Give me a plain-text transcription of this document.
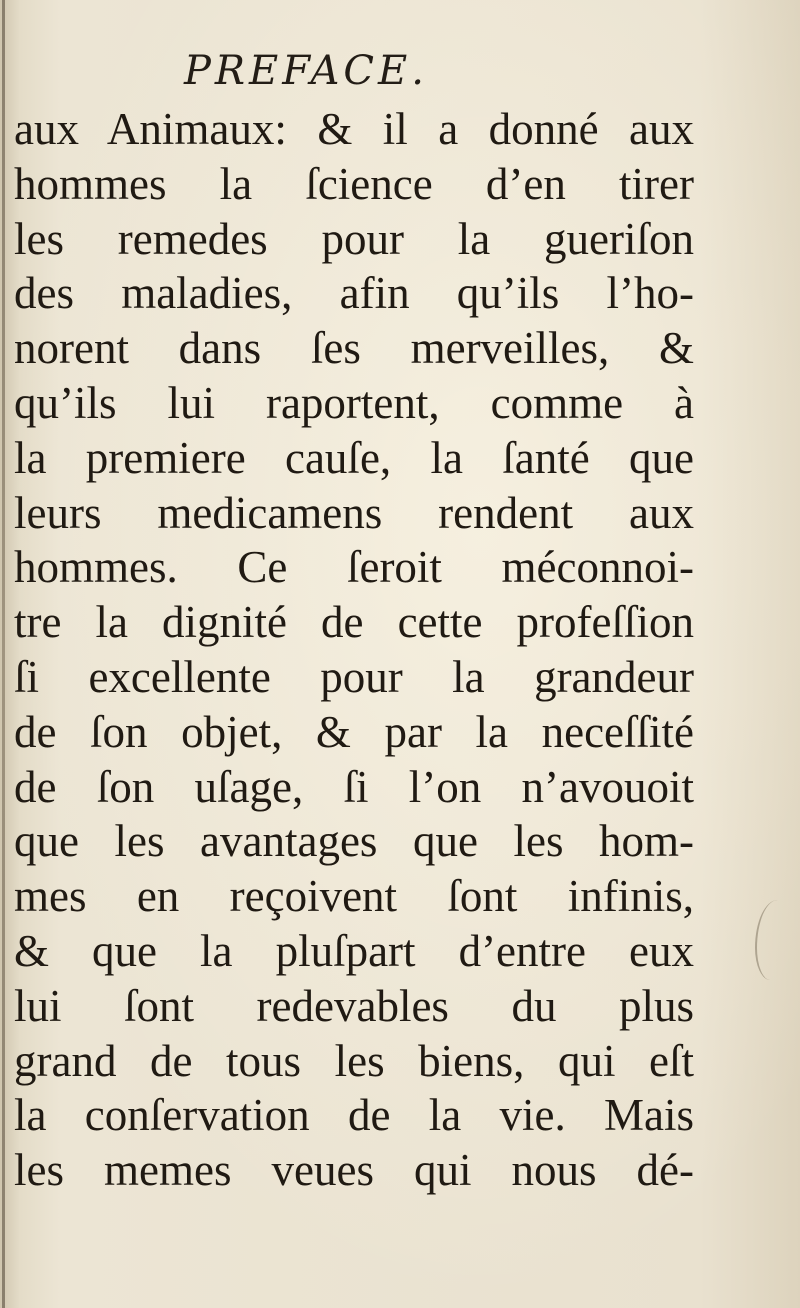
PREFACE.
aux Animaux: & il a donné aux
hommes la ſcience d’en tirer
les remedes pour la gueriſon
des maladies, afin qu’ils l’ho-
norent dans ſes merveilles, &
qu’ils lui raportent, comme à
la premiere cauſe, la ſanté que
leurs medicamens rendent aux
hommes. Ce ſeroit méconnoi-
tre la dignité de cette profeſſion
ſi excellente pour la grandeur
de ſon objet, & par la neceſſité
de ſon uſage, ſi l’on n’avouoit
que les avantages que les hom-
mes en reçoivent ſont infinis,
& que la pluſpart d’entre eux
lui ſont redevables du plus
grand de tous les biens, qui eſt
la conſervation de la vie. Mais
les memes veues qui nous dé-
